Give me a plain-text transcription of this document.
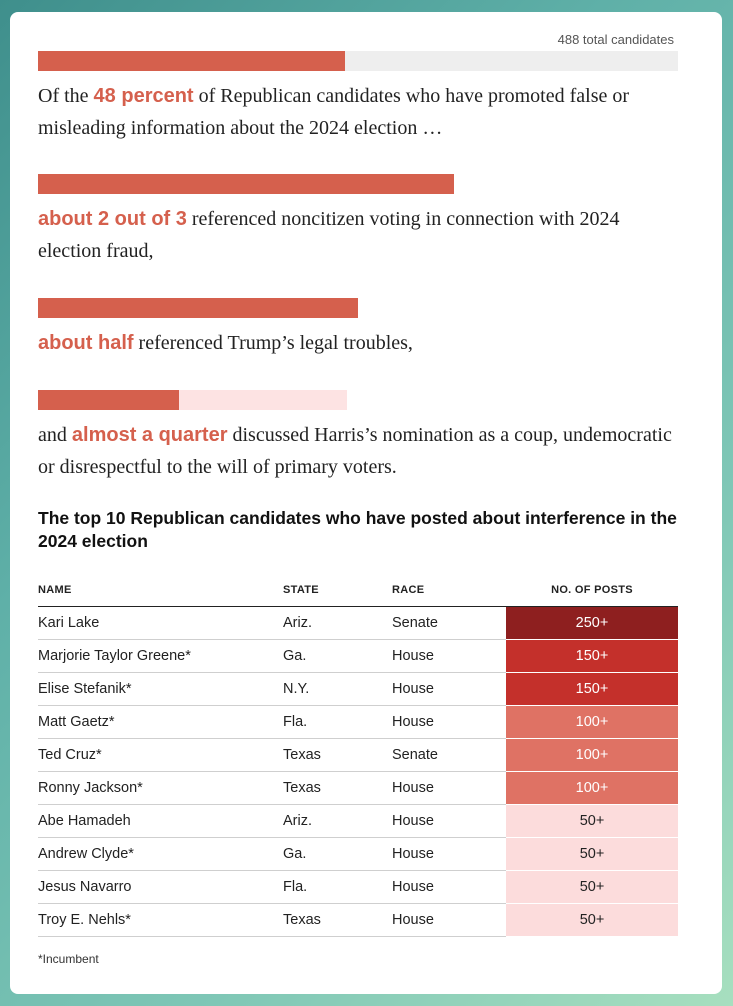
488 total candidates
Of the 48 percent of Republican candidates who have promoted false or misleading information about the 2024 election …
about 2 out of 3 referenced noncitizen voting in connection with 2024 election fraud,
about half referenced Trump’s legal troubles,
and almost a quarter discussed Harris’s nomination as a coup, undemocratic or disrespectful to the will of primary voters.
The top 10 Republican candidates who have posted about interference in the 2024 election
NAME	STATE	RACE	NO. OF POSTS
Kari Lake	Ariz.	Senate	250+
Marjorie Taylor Greene*	Ga.	House	150+
Elise Stefanik*	N.Y.	House	150+
Matt Gaetz*	Fla.	House	100+
Ted Cruz*	Texas	Senate	100+
Ronny Jackson*	Texas	House	100+
Abe Hamadeh	Ariz.	House	50+
Andrew Clyde*	Ga.	House	50+
Jesus Navarro	Fla.	House	50+
Troy E. Nehls*	Texas	House	50+
*Incumbent
